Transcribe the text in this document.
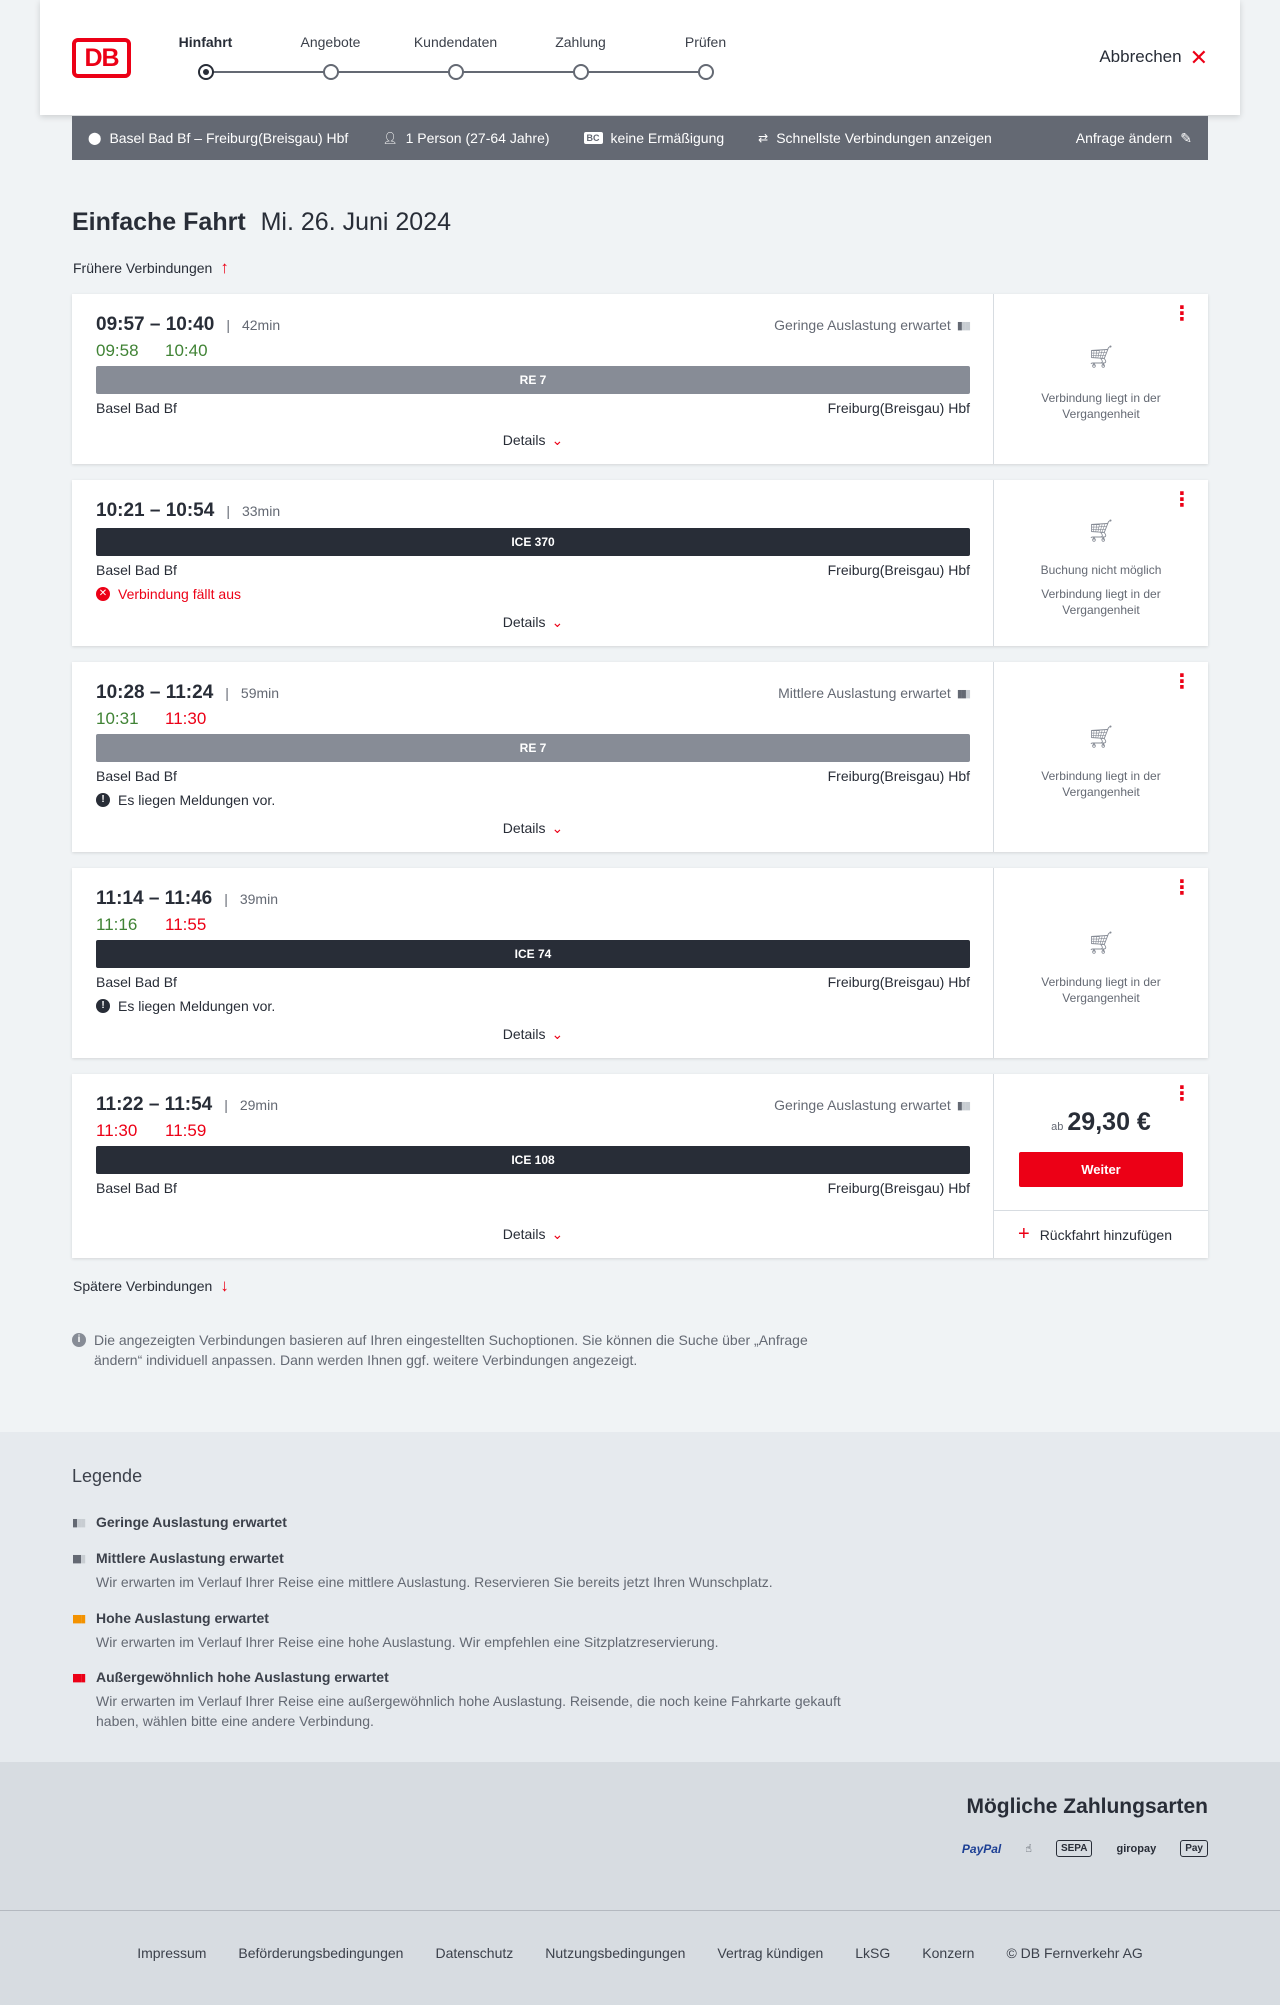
DB
Hinfahrt	Angebote	Kundendaten	Zahlung	Prüfen
Abbrechen ✕
⬤ Basel Bad Bf – Freiburg(Breisgau) Hbf	👤︎ 1 Person (27-64 Jahre)	BC keine Ermäßigung	⇄ Schnellste Verbindungen anzeigen	Anfrage ändern ✎
Einfache Fahrt Mi. 26. Juni 2024
Frühere Verbindungen ↑
09:57 – 10:40 | 42min
09:58	10:40
Geringe Auslastung erwartet ▮▮▮
RE 7
Basel Bad Bf	Freiburg(Breisgau) Hbf
Details ⌄
⋮
🛒︎
Verbindung liegt in der Vergangenheit
10:21 – 10:54 | 33min
ICE 370
Basel Bad Bf	Freiburg(Breisgau) Hbf
✕ Verbindung fällt aus
Details ⌄
⋮
🛒︎
Buchung nicht möglich
Verbindung liegt in der Vergangenheit
10:28 – 11:24 | 59min
10:31	11:30
Mittlere Auslastung erwartet ▮▮▮
RE 7
Basel Bad Bf	Freiburg(Breisgau) Hbf
! Es liegen Meldungen vor.
Details ⌄
⋮
🛒︎
Verbindung liegt in der Vergangenheit
11:14 – 11:46 | 39min
11:16	11:55
ICE 74
Basel Bad Bf	Freiburg(Breisgau) Hbf
! Es liegen Meldungen vor.
Details ⌄
⋮
🛒︎
Verbindung liegt in der Vergangenheit
11:22 – 11:54 | 29min
11:30	11:59
Geringe Auslastung erwartet ▮▮▮
ICE 108
Basel Bad Bf	Freiburg(Breisgau) Hbf
Details ⌄
⋮
ab 29,30 €
Weiter
+ Rückfahrt hinzufügen
Spätere Verbindungen ↓
i Die angezeigten Verbindungen basieren auf Ihren eingestellten Suchoptionen. Sie können die Suche über „Anfrage ändern“ individuell anpassen. Dann werden Ihnen ggf. weitere Verbindungen angezeigt.
Legende
▮▮▮ Geringe Auslastung erwartet
▮▮▮ Mittlere Auslastung erwartet
Wir erwarten im Verlauf Ihrer Reise eine mittlere Auslastung. Reservieren Sie bereits jetzt Ihren Wunschplatz.
▮▮▮ Hohe Auslastung erwartet
Wir erwarten im Verlauf Ihrer Reise eine hohe Auslastung. Wir empfehlen eine Sitzplatzreservierung.
▮▮▮ Außergewöhnlich hohe Auslastung erwartet
Wir erwarten im Verlauf Ihrer Reise eine außergewöhnlich hohe Auslastung. Reisende, die noch keine Fahrkarte gekauft haben, wählen bitte eine andere Verbindung.
Mögliche Zahlungsarten
PayPal ☝︎	SEPA	giropay	Pay
Impressum Beförderungsbedingungen Datenschutz Nutzungsbedingungen Vertrag kündigen LkSG Konzern © DB Fernverkehr AG
